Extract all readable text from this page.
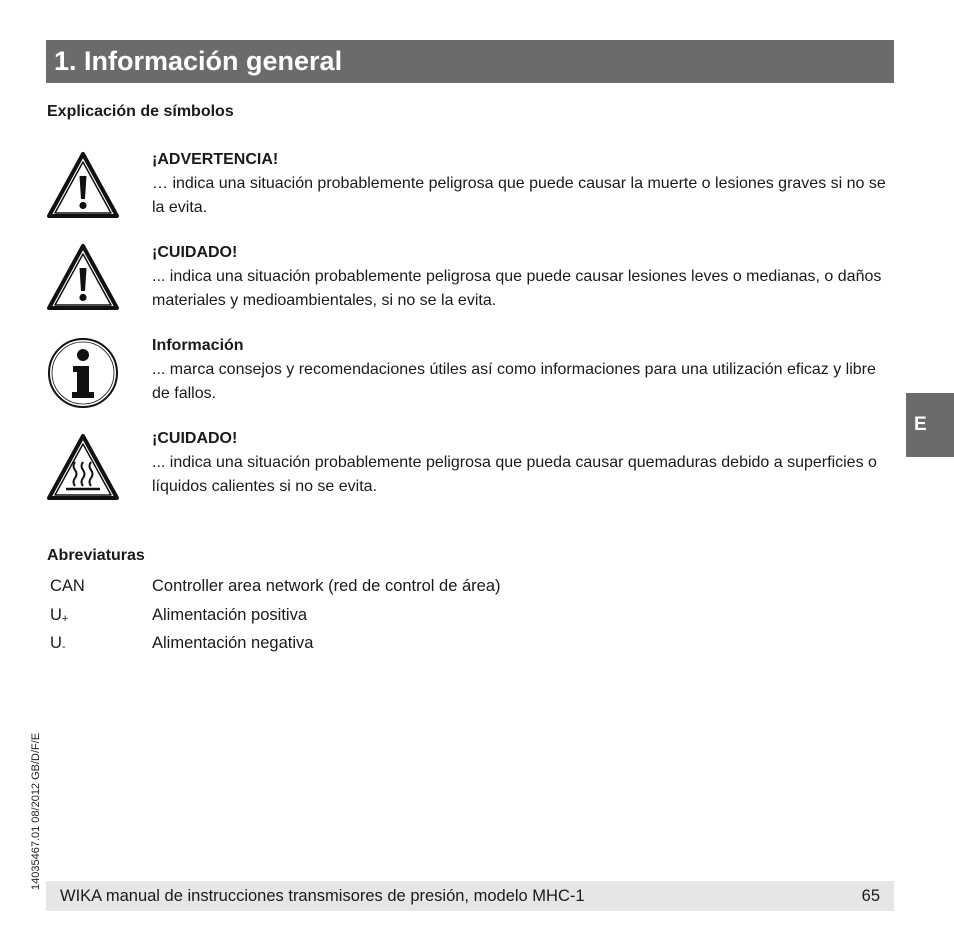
1. Información general
Explicación de símbolos
¡ADVERTENCIA!
… indica una situación probablemente peligrosa que puede causar la muerte o lesiones graves si no se la evita.
¡CUIDADO!
... indica una situación probablemente peligrosa que puede causar lesiones leves o medianas, o daños materiales y medioambientales, si no se la evita.
Información
... marca consejos y recomendaciones útiles así como informaciones para una utilización eficaz y libre de fallos.
¡CUIDADO!
... indica una situación probablemente peligrosa que pueda causar quemaduras debido a superficies o líquidos calientes si no se evita.
Abreviaturas
CAN	Controller area network (red de control de área)
$U_+$	Alimentación positiva
$U_-$	Alimentación negativa
E
14035467.01 08/2012 GB/D/F/E
WIKA manual de instrucciones transmisores de presión, modelo MHC-1	65
